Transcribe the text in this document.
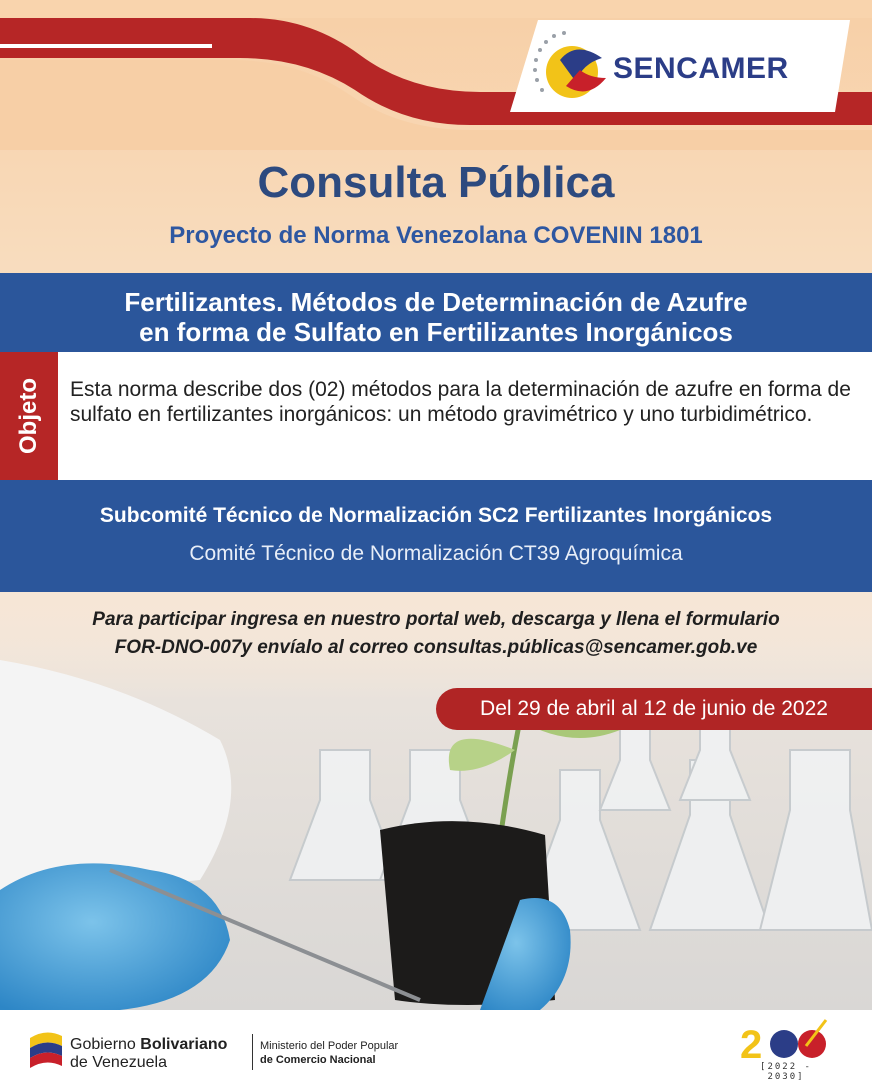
SENCAMER
Consulta Pública
Proyecto de Norma Venezolana COVENIN 1801
Fertilizantes. Métodos de Determinación de Azufre
en forma de Sulfato en Fertilizantes Inorgánicos
Objeto Esta norma describe dos (02) métodos para la determinación de azufre en forma de sulfato en fertilizantes inorgánicos: un método gravimétrico y uno turbidimétrico.
Subcomité Técnico de Normalización SC2 Fertilizantes Inorgánicos
Comité Técnico de Normalización CT39 Agroquímica
Para participar ingresa en nuestro portal web, descarga y llena el formulario
FOR-DNO-007y envíalo al correo consultas.públicas@sencamer.gob.ve
Del 29 de abril al 12 de junio de 2022
Gobierno Bolivariano
de Venezuela
Ministerio del Poder Popular
de Comercio Nacional	2
[2022 - 2030]
